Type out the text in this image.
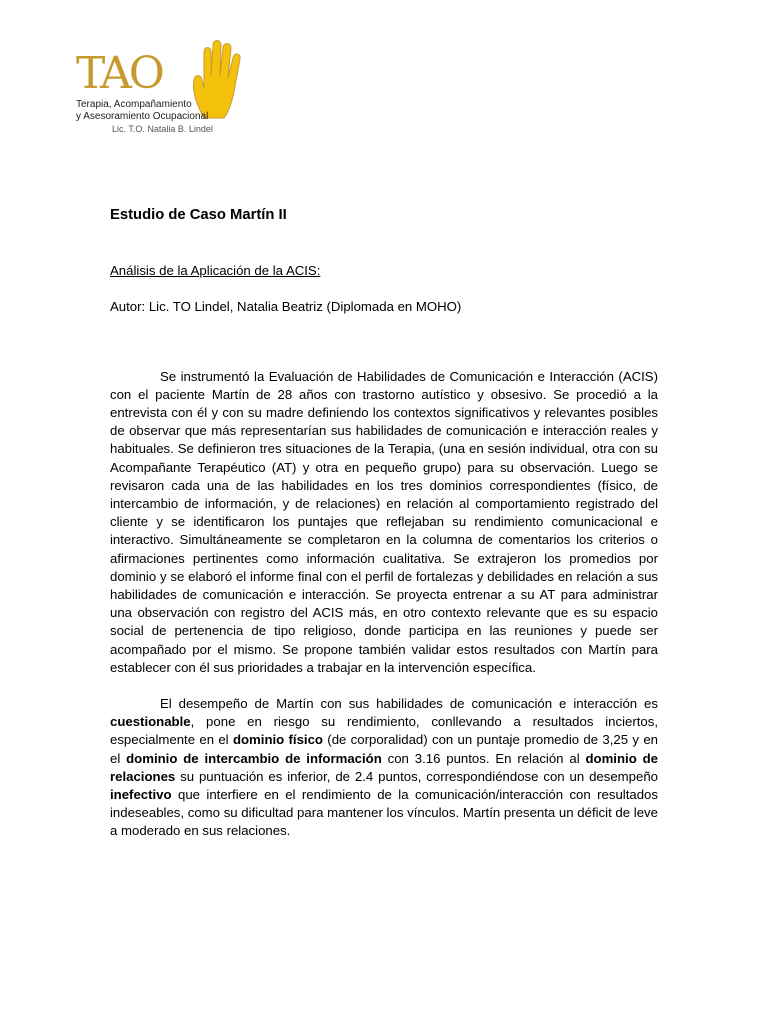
TAO
Terapia, Acompañamiento
y Asesoramiento Ocupacional
Lic. T.O. Natalia B. Lindel
Estudio de Caso Martín II
Análisis de la Aplicación de la ACIS:
Autor: Lic. TO Lindel, Natalia Beatriz (Diplomada en MOHO)

Se instrumentó la Evaluación de Habilidades de Comunicación e Interacción (ACIS) con el paciente Martín de 28 años con trastorno autístico y obsesivo. Se procedió a la entrevista con él y con su madre definiendo los contextos significativos y relevantes posibles de observar que más representarían sus habilidades de comunicación e interacción reales y habituales. Se definieron tres situaciones de la Terapia, (una en sesión individual, otra con su Acompañante Terapéutico (AT) y otra en pequeño grupo) para su observación. Luego se revisaron cada una de las habilidades en los tres dominios correspondientes (físico, de intercambio de información, y de relaciones) en relación al comportamiento registrado del cliente y se identificaron los puntajes que reflejaban su rendimiento comunicacional e interactivo. Simultáneamente se completaron en la columna de comentarios los criterios o afirmaciones pertinentes como información cualitativa. Se extrajeron los promedios por dominio y se elaboró el informe final con el perfil de fortalezas y debilidades en relación a sus habilidades de comunicación e interacción. Se proyecta entrenar a su AT para administrar una observación con registro del ACIS más, en otro contexto relevante que es su espacio social de pertenencia de tipo religioso, donde participa en las reuniones y puede ser acompañado por el mismo. Se propone también validar estos resultados con Martín para establecer con él sus prioridades a trabajar en la intervención específica.

El desempeño de Martín con sus habilidades de comunicación e interacción es cuestionable, pone en riesgo su rendimiento, conllevando a resultados inciertos, especialmente en el dominio físico (de corporalidad) con un puntaje promedio de 3,25 y en el dominio de intercambio de información con 3.16 puntos. En relación al dominio de relaciones su puntuación es inferior, de 2.4 puntos, correspondiéndose con un desempeño inefectivo que interfiere en el rendimiento de la comunicación/interacción con resultados indeseables, como su dificultad para mantener los vínculos. Martín presenta un déficit de leve a moderado en sus relaciones.
